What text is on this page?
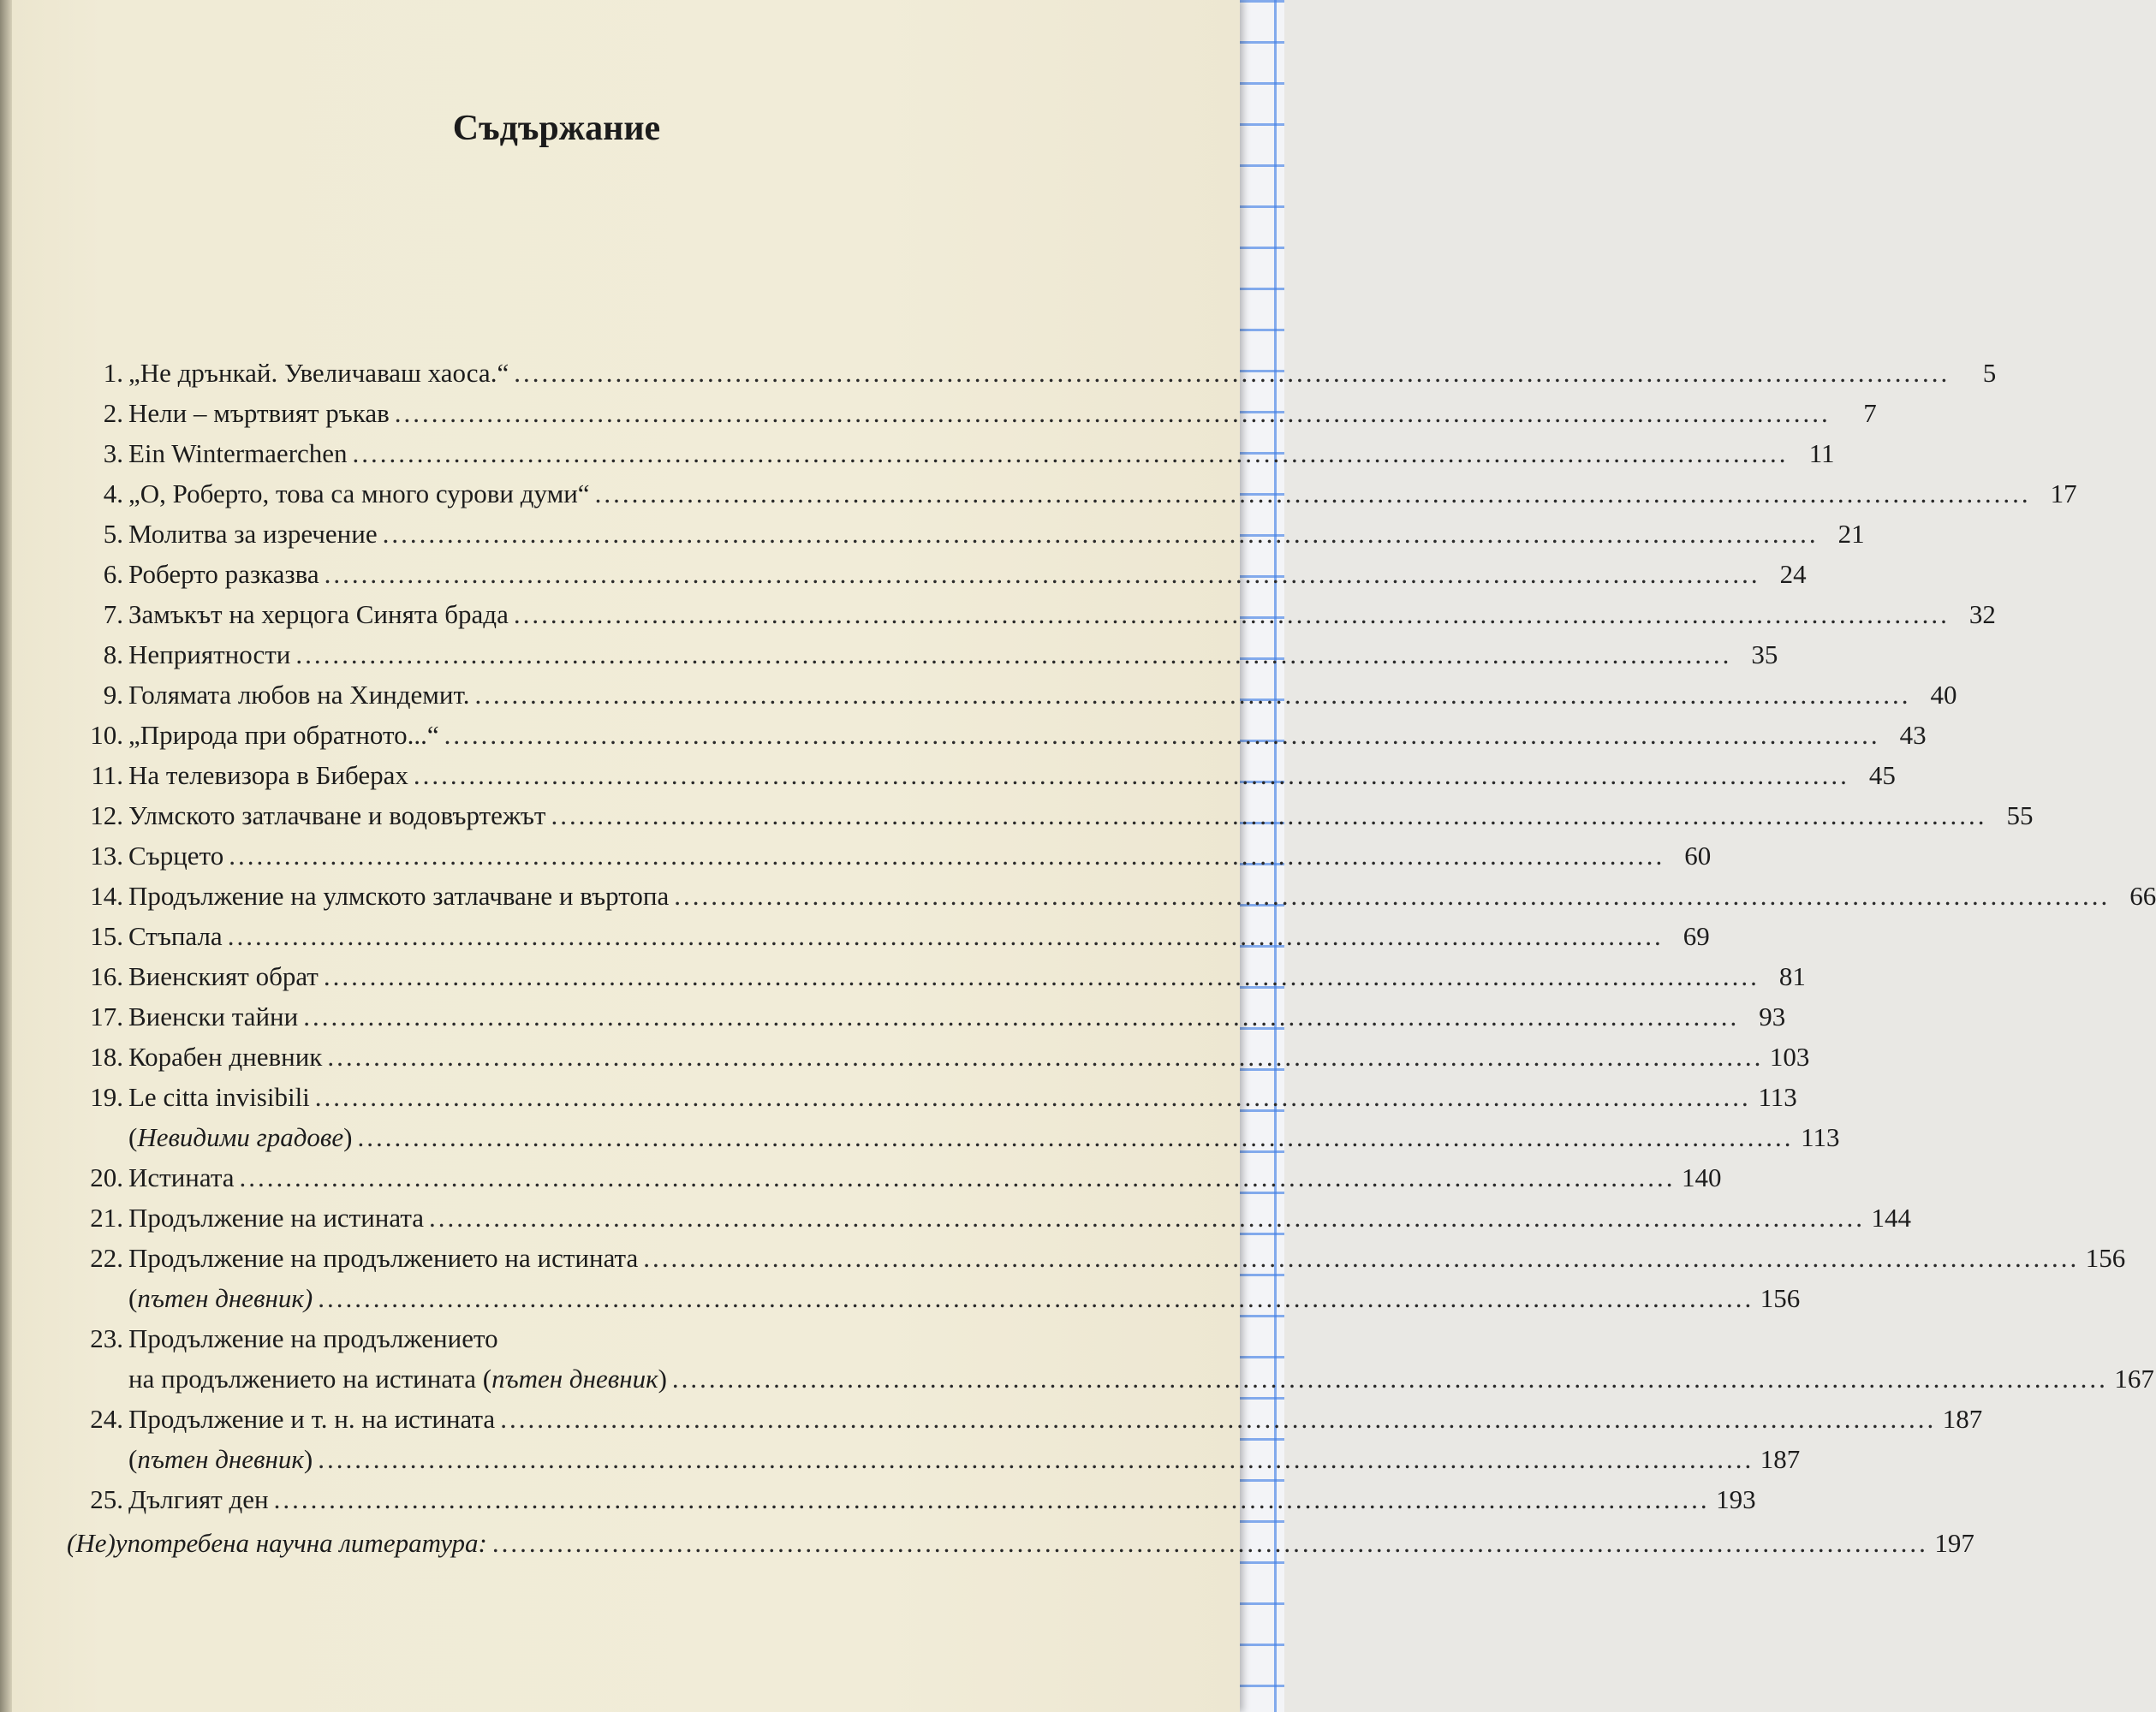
Съдържание
1. „Не дрънкай. Увеличаваш хаоса.“ ............................................................................................................................................................	5
2. Нели – мъртвият ръкав ............................................................................................................................................................	7
3. Ein Wintermaerchen ............................................................................................................................................................ 11
4. „О, Роберто, това са много сурови думи“ ............................................................................................................................................................ 17
5. Молитва за изречение ............................................................................................................................................................ 21
6. Роберто разказва ............................................................................................................................................................ 24
7. Замъкът на херцога Синята брада ............................................................................................................................................................ 32
8. Неприятности ............................................................................................................................................................ 35
9. Голямата любов на Хиндемит. ............................................................................................................................................................ 40
10. „Природа при обратното...“ ............................................................................................................................................................ 43
11. На телевизора в Биберах ............................................................................................................................................................ 45
12. Улмското затлачване и водовъртежът ............................................................................................................................................................ 55
13. Сърцето ............................................................................................................................................................ 60
14. Продължение на улмското затлачване и въртопа ............................................................................................................................................................ 66
15. Стъпала ............................................................................................................................................................ 69
16. Виенският обрат ............................................................................................................................................................ 81
17. Виенски тайни ............................................................................................................................................................ 93
18. Корабен дневник ............................................................................................................................................................ 103
19. Le citta invisibili ............................................................................................................................................................ 113
(Невидими градове) ............................................................................................................................................................ 113
20. Истината ............................................................................................................................................................ 140
21. Продължение на истината ............................................................................................................................................................ 144
22. Продължение на продължението на истината ............................................................................................................................................................ 156
(пътен дневник) ............................................................................................................................................................ 156
23. Продължение на продължението
на продължението на истината (пътен дневник) ............................................................................................................................................................ 167
24. Продължение и т. н. на истината ............................................................................................................................................................ 187
(пътен дневник) ............................................................................................................................................................ 187
25. Дългият ден ............................................................................................................................................................ 193
(Не)употребена научна литература: ............................................................................................................................................................ 197
